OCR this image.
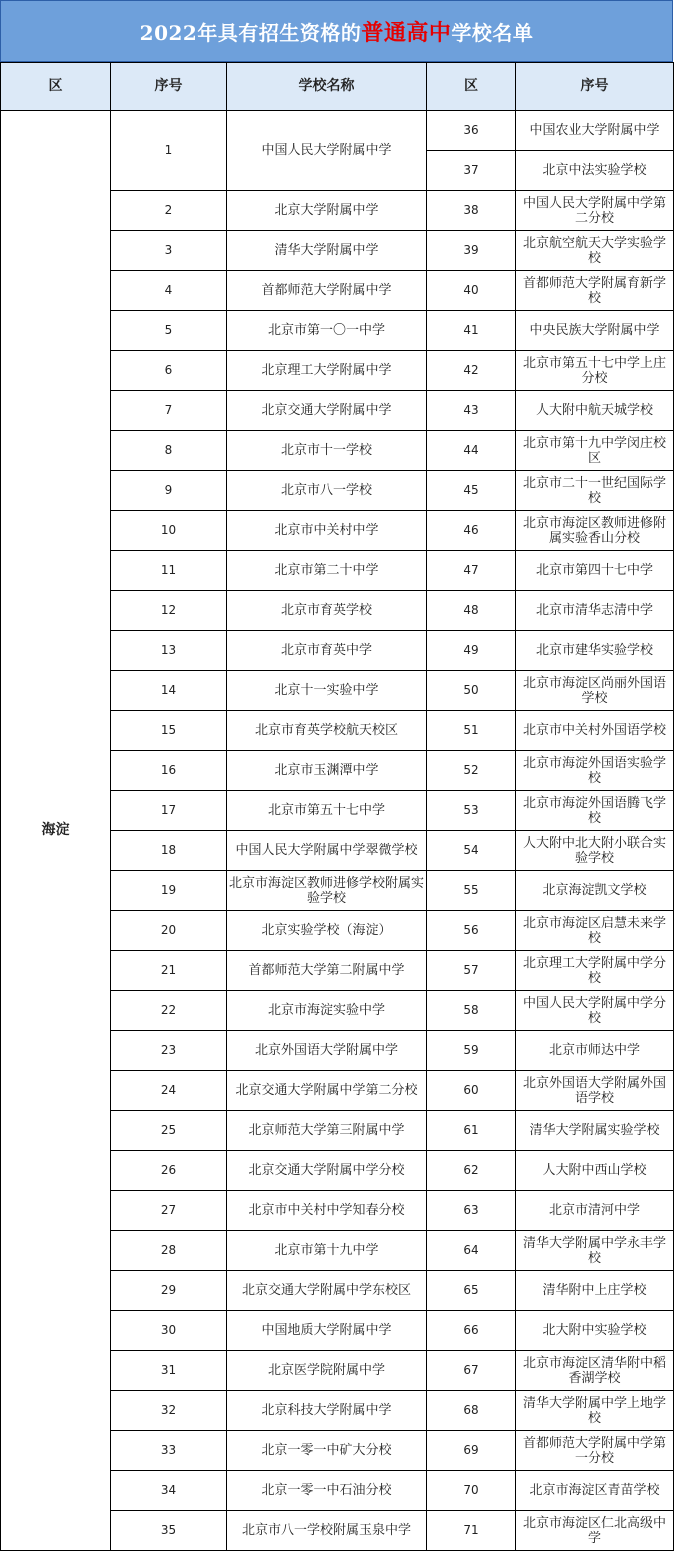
2022年具有招生资格的 普通高中 学校名单
区	序号	学校名称	区	序号
海淀	1	中国人民大学附属中学	36	中国农业大学附属中学
			37	北京中法实验学校
	2	北京大学附属中学	38	中国人民大学附属中学第二分校
	3	清华大学附属中学	39	北京航空航天大学实验学校
	4	首都师范大学附属中学	40	首都师范大学附属育新学校
	5	北京市第一〇一中学	41	中央民族大学附属中学
	6	北京理工大学附属中学	42	北京市第五十七中学上庄分校
	7	北京交通大学附属中学	43	人大附中航天城学校
	8	北京市十一学校	44	北京市第十九中学闵庄校区
	9	北京市八一学校	45	北京市二十一世纪国际学校
	10	北京市中关村中学	46	北京市海淀区教师进修附属实验香山分校
	11	北京市第二十中学	47	北京市第四十七中学
	12	北京市育英学校	48	北京市清华志清中学
	13	北京市育英中学	49	北京市建华实验学校
	14	北京十一实验中学	50	北京市海淀区尚丽外国语学校
	15	北京市育英学校航天校区	51	北京市中关村外国语学校
	16	北京市玉渊潭中学	52	北京市海淀外国语实验学校
	17	北京市第五十七中学	53	北京市海淀外国语腾飞学校
	18	中国人民大学附属中学翠微学校	54	人大附中北大附小联合实验学校
	19	北京市海淀区教师进修学校附属实验学校	55	北京海淀凯文学校
	20	北京实验学校（海淀）	56	北京市海淀区启慧未来学校
	21	首都师范大学第二附属中学	57	北京理工大学附属中学分校
	22	北京市海淀实验中学	58	中国人民大学附属中学分校
	23	北京外国语大学附属中学	59	北京市师达中学
	24	北京交通大学附属中学第二分校	60	北京外国语大学附属外国语学校
	25	北京师范大学第三附属中学	61	清华大学附属实验学校
	26	北京交通大学附属中学分校	62	人大附中西山学校
	27	北京市中关村中学知春分校	63	北京市清河中学
	28	北京市第十九中学	64	清华大学附属中学永丰学校
	29	北京交通大学附属中学东校区	65	清华附中上庄学校
	30	中国地质大学附属中学	66	北大附中实验学校
	31	北京医学院附属中学	67	北京市海淀区清华附中稻香湖学校
	32	北京科技大学附属中学	68	清华大学附属中学上地学校
	33	北京一零一中矿大分校	69	首都师范大学附属中学第一分校
	34	北京一零一中石油分校	70	北京市海淀区青苗学校
	35	北京市八一学校附属玉泉中学	71	北京市海淀区仁北高级中学
